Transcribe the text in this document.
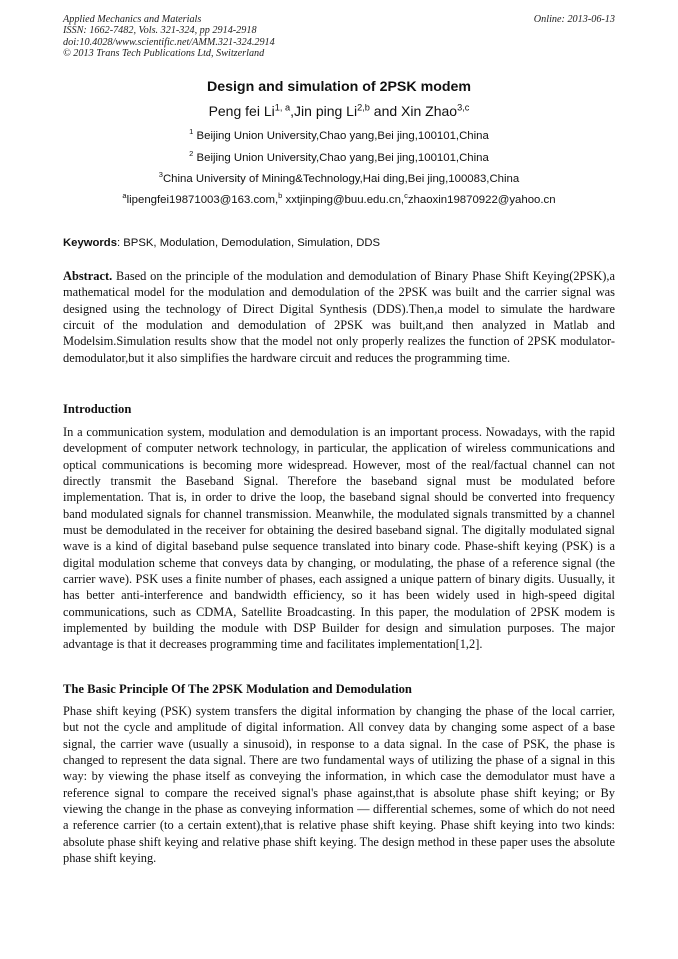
Applied Mechanics and Materials
ISSN: 1662-7482, Vols. 321-324, pp 2914-2918
doi:10.4028/www.scientific.net/AMM.321-324.2914
© 2013 Trans Tech Publications Ltd, Switzerland
Online: 2013-06-13
Design and simulation of 2PSK modem
Peng fei Li$^{1, a}$,Jin ping Li$^{2,b}$ and Xin Zhao$^{3,c}$
$^1$ Beijing Union University,Chao yang,Bei jing,100101,China
$^2$ Beijing Union University,Chao yang,Bei jing,100101,China
$^3$China University of Mining&Technology,Hai ding,Bei jing,100083,China
$^a$lipengfei19871003@163.com,$^b$ xxtjinping@buu.edu.cn,$^c$zhaoxin19870922@yahoo.cn
Keywords: BPSK, Modulation, Demodulation, Simulation, DDS

Abstract. Based on the principle of the modulation and demodulation of Binary Phase Shift Keying(2PSK),a mathematical model for the modulation and demodulation of the 2PSK was built and the carrier signal was designed using the technology of Direct Digital Synthesis (DDS).Then,a model to simulate the hardware circuit of the modulation and demodulation of 2PSK was built,and then analyzed in Matlab and Modelsim.Simulation results show that the model not only properly realizes the function of 2PSK modulator-demodulator,but it also simplifies the hardware circuit and reduces the programming time.

Introduction

In a communication system, modulation and demodulation is an important process. Nowadays, with the rapid development of computer network technology, in particular, the application of wireless communications and optical communications is becoming more widespread. However, most of the real/factual channel can not directly transmit the Baseband Signal. Therefore the baseband signal must be modulated before implementation. That is, in order to drive the loop, the baseband signal should be converted into frequency band modulated signals for channel transmission. Meanwhile, the modulated signals transmitted by a channel must be demodulated in the receiver for obtaining the desired baseband signal. The digitally modulated signal wave is a kind of digital baseband pulse sequence translated into binary code. Phase-shift keying (PSK) is a digital modulation scheme that conveys data by changing, or modulating, the phase of a reference signal (the carrier wave). PSK uses a finite number of phases, each assigned a unique pattern of binary digits. Uusually, it has better anti-interference and bandwidth efficiency, so it has been widely used in high-speed digital communications, such as CDMA, Satellite Broadcasting. In this paper, the modulation of 2PSK modem is implemented by building the module with DSP Builder for design and simulation purposes. The major advantage is that it decreases programming time and facilitates implementation[1,2].

The Basic Principle Of The 2PSK Modulation and Demodulation

Phase shift keying (PSK) system transfers the digital information by changing the phase of the local carrier, but not the cycle and amplitude of digital information. All convey data by changing some aspect of a base signal, the carrier wave (usually a sinusoid), in response to a data signal. In the case of PSK, the phase is changed to represent the data signal. There are two fundamental ways of utilizing the phase of a signal in this way: by viewing the phase itself as conveying the information, in which case the demodulator must have a reference signal to compare the received signal's phase against,that is absolute phase shift keying; or By viewing the change in the phase as conveying information — differential schemes, some of which do not need a reference carrier (to a certain extent),that is relative phase shift keying. Phase shift keying into two kinds: absolute phase shift keying and relative phase shift keying. The design method in these paper uses the absolute phase shift keying.
